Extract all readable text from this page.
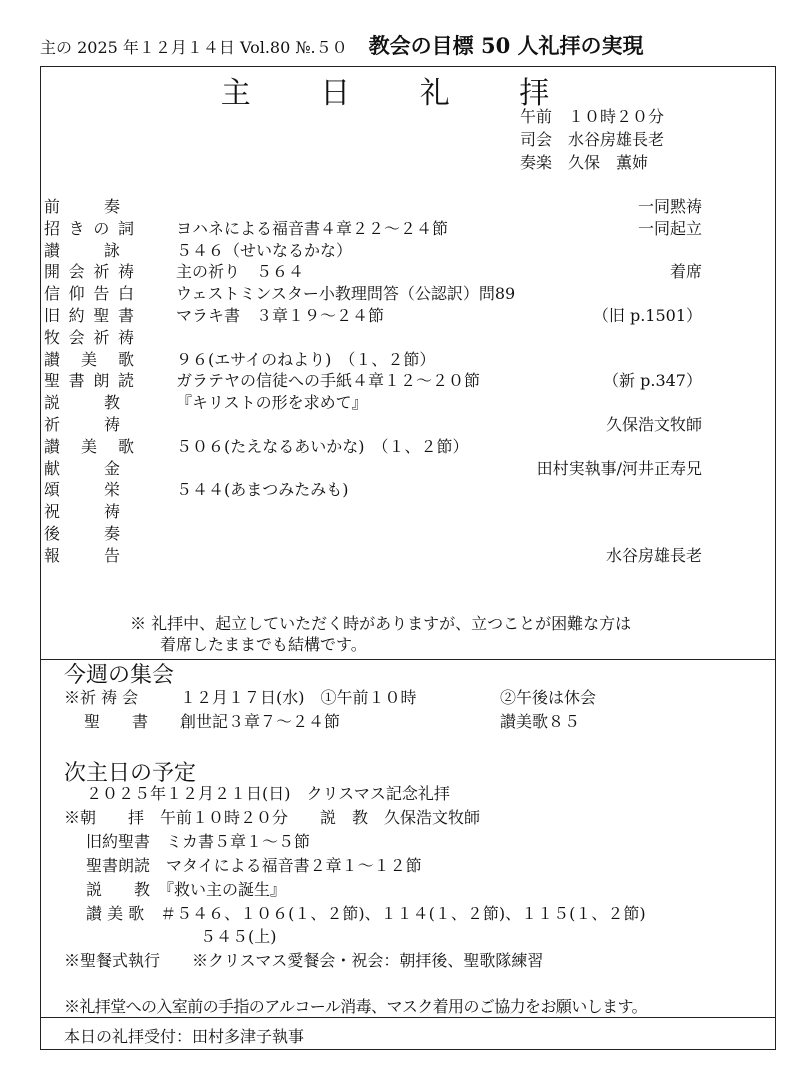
主の 2025 年１２月１４日 Vol.80 №.５０ 教会の目標 50 人礼拝の実現
主 日 礼 拝
午前　１０時２０分
司会　水谷房雄長老
奏楽　久保　薫姉
前	奏	一同黙祷
招 き の 詞	ヨハネによる福音書４章２２～２４節	一同起立
讃	詠	５４６（せいなるかな）
開 会 祈 祷	主の祈り　５６４	着席
信 仰 告 白	ウェストミンスター小教理問答（公認訳）問89
旧 約 聖 書	マラキ書　３章１９～２４節	（旧 p.1501）
牧 会 祈 祷
讃 美 歌	９６(エサイのねより)　（１、２節）
聖 書 朗 読	ガラテヤの信徒への手紙４章１２～２０節	（新 p.347）
説	教	『キリストの形を求めて』
祈	祷	久保浩文牧師
讃 美 歌	５０６(たえなるあいかな)　（１、２節）
献	金	田村実執事/河井正寿兄
頌	栄	５４４(あまつみたみも)
祝	祷
後	奏
報	告	水谷房雄長老
※ 礼拝中、起立していただく時がありますが、立つことが困難な方は
着席したままでも結構です。
今週の集会
※祈 祷 会	１２月１７日(水)　①午前１０時	②午後は休会
聖　　書 創世記３章７～２４節	讃美歌８５
次主日の予定
２０２５年１２月２１日(日)　クリスマス記念礼拝
※朝　　拝　午前１０時２０分　　説　教　久保浩文牧師
旧約聖書　ミカ書５章１～５節
聖書朗読　マタイによる福音書２章１～１２節
説　　教　『救い主の誕生』
讃 美 歌　＃５４６、１０６(１、２節)、１１４(１、２節)、１１５(１、２節)
５４５(上)
※聖餐式執行　　※クリスマス愛餐会・祝会：朝拝後、聖歌隊練習
※礼拝堂への入室前の手指のアルコール消毒、マスク着用のご協力をお願いします。
本日の礼拝受付：田村多津子執事
